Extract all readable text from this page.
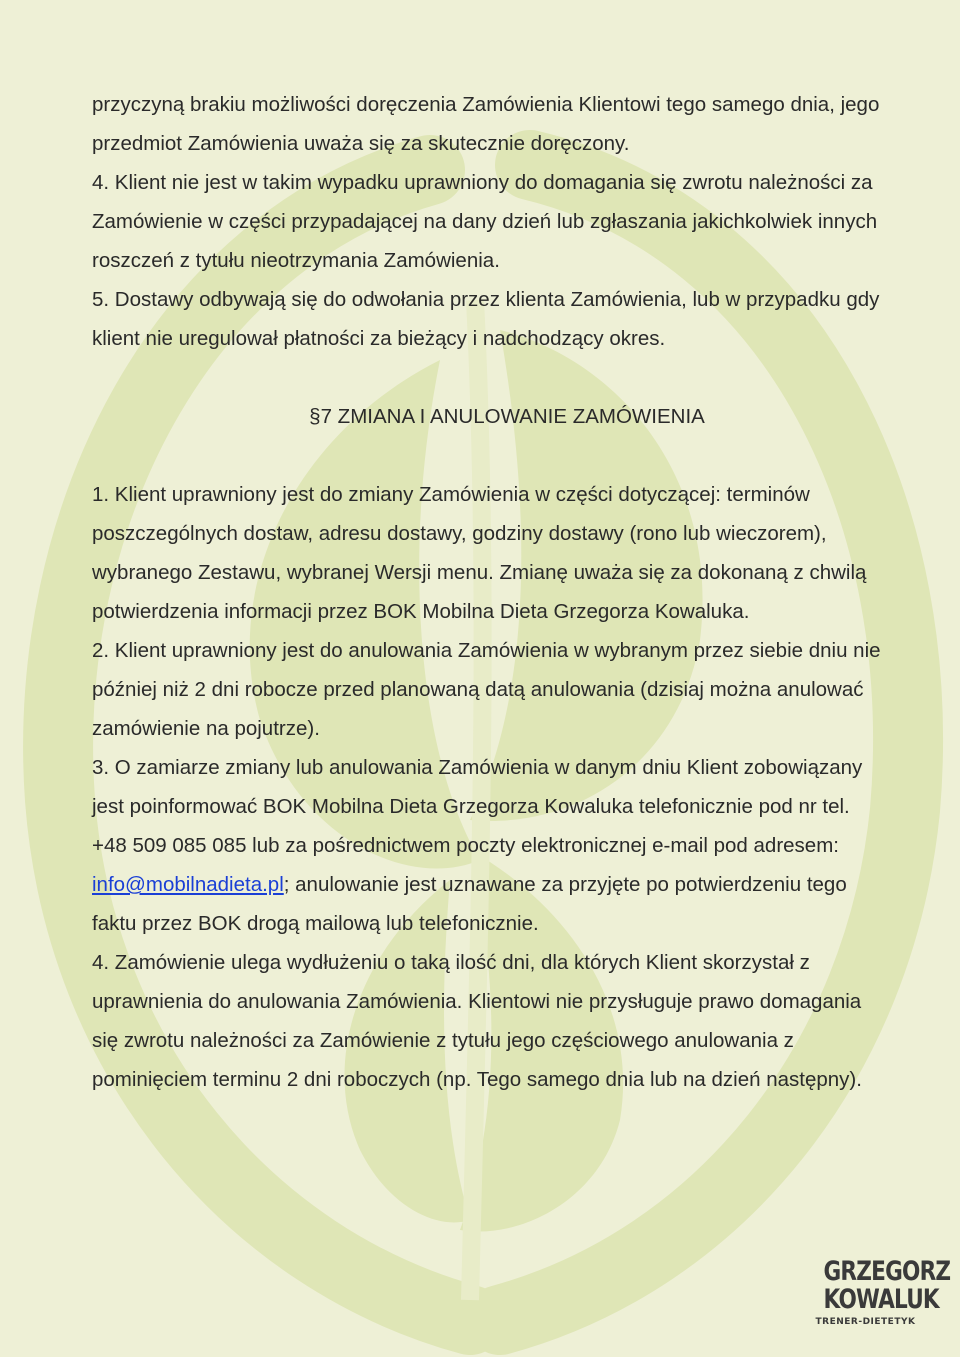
przyczyną brakiu możliwości doręczenia Zamówienia Klientowi tego samego dnia, jego przedmiot Zamówienia uważa się za skutecznie doręczony.

4. Klient nie jest w takim wypadku uprawniony do domagania się zwrotu należności za Zamówienie w części przypadającej na dany dzień lub zgłaszania jakichkolwiek innych roszczeń z tytułu nieotrzymania Zamówienia.

5. Dostawy odbywają się do odwołania przez klienta Zamówienia, lub w przypadku gdy klient nie uregulował płatności za bieżący i nadchodzący okres.

§7 ZMIANA I ANULOWANIE ZAMÓWIENIA

1. Klient uprawniony jest do zmiany Zamówienia w części dotyczącej: terminów poszczególnych dostaw, adresu dostawy, godziny dostawy (rono lub wieczorem), wybranego Zestawu, wybranej Wersji menu. Zmianę uważa się za dokonaną z chwilą potwierdzenia informacji przez BOK Mobilna Dieta Grzegorza Kowaluka.

2. Klient uprawniony jest do anulowania Zamówienia w wybranym przez siebie dniu nie później niż 2 dni robocze przed planowaną datą anulowania (dzisiaj można anulować zamówienie na pojutrze).

3. O zamiarze zmiany lub anulowania Zamówienia w danym dniu Klient zobowiązany jest poinformować BOK Mobilna Dieta Grzegorza Kowaluka telefonicznie pod nr tel. +48 509 085 085 lub za pośrednictwem poczty elektronicznej e-mail pod adresem: info@mobilnadieta.pl; anulowanie jest uznawane za przyjęte po potwierdzeniu tego faktu przez BOK drogą mailową lub telefonicznie.

4. Zamówienie ulega wydłużeniu o taką ilość dni, dla których Klient skorzystał z uprawnienia do anulowania Zamówienia. Klientowi nie przysługuje prawo domagania się zwrotu należności za Zamówienie z tytułu jego częściowego anulowania z pominięciem terminu 2 dni roboczych (np. Tego samego dnia lub na dzień następny).

GRZEGORZ
KOWALUK
TRENER-DIETETYK
